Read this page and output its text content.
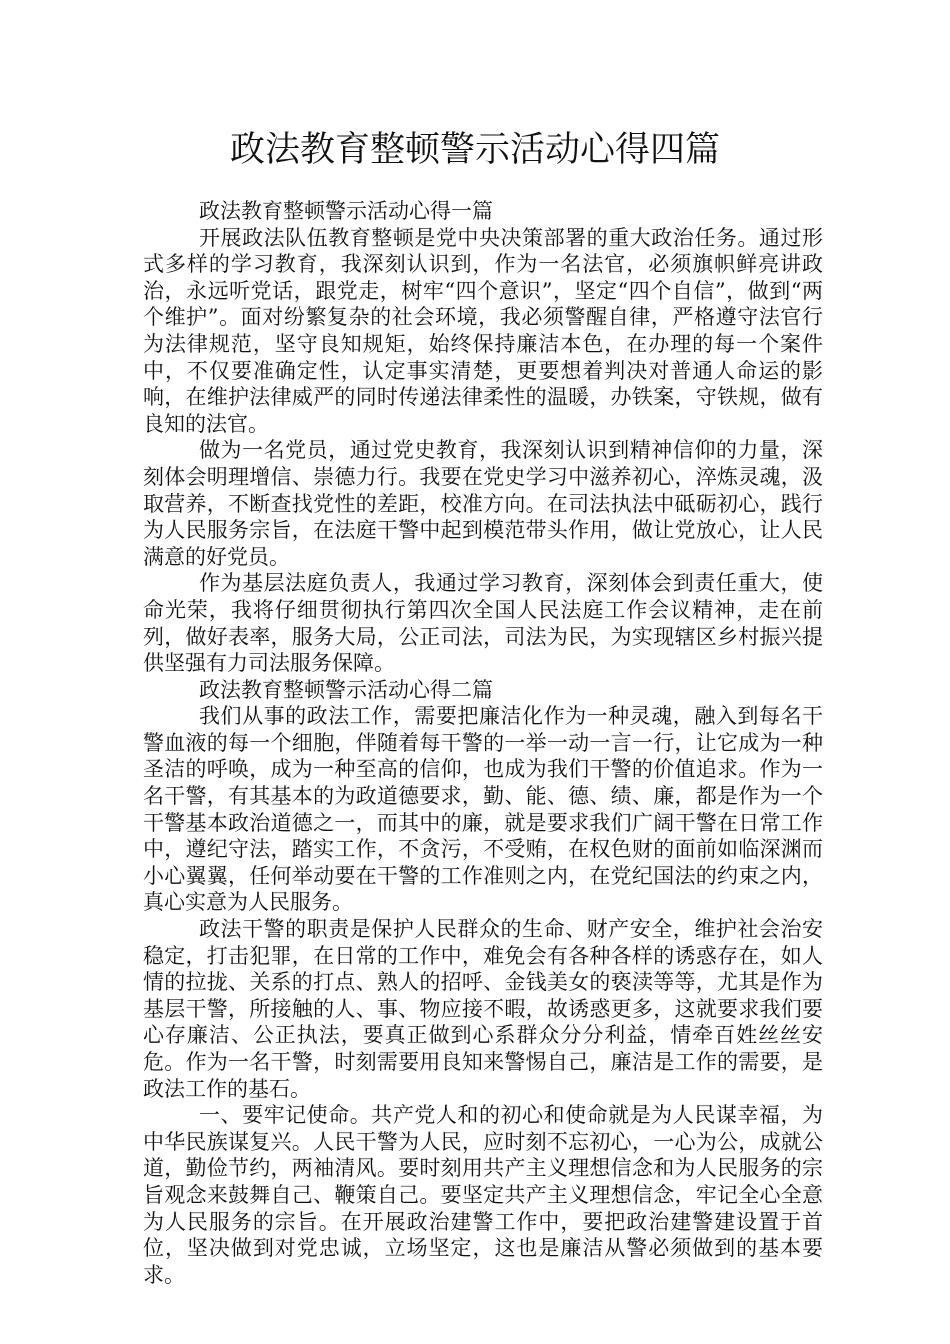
政法教育整顿警示活动心得四篇

政法教育整顿警示活动心得一篇

开展政法队伍教育整顿是党中央决策部署的重大政治任务。通过形式多样的学习教育，我深刻认识到，作为一名法官，必须旗帜鲜亮讲政治，永远听党话，跟党走，树牢“四个意识”，坚定“四个自信”，做到“两个维护”。面对纷繁复杂的社会环境，我必须警醒自律，严格遵守法官行为法律规范，坚守良知规矩，始终保持廉洁本色，在办理的每一个案件中，不仅要准确定性，认定事实清楚，更要想着判决对普通人命运的影响，在维护法律威严的同时传递法律柔性的温暖，办铁案，守铁规，做有良知的法官。

做为一名党员，通过党史教育，我深刻认识到精神信仰的力量，深刻体会明理增信、崇德力行。我要在党史学习中滋养初心，淬炼灵魂，汲取营养，不断查找党性的差距，校准方向。在司法执法中砥砺初心，践行为人民服务宗旨，在法庭干警中起到模范带头作用，做让党放心，让人民满意的好党员。

作为基层法庭负责人，我通过学习教育，深刻体会到责任重大，使命光荣，我将仔细贯彻执行第四次全国人民法庭工作会议精神，走在前列，做好表率，服务大局，公正司法，司法为民，为实现辖区乡村振兴提供坚强有力司法服务保障。

政法教育整顿警示活动心得二篇

我们从事的政法工作，需要把廉洁化作为一种灵魂，融入到每名干警血液的每一个细胞，伴随着每干警的一举一动一言一行，让它成为一种圣洁的呼唤，成为一种至高的信仰，也成为我们干警的价值追求。作为一名干警，有其基本的为政道德要求，勤、能、德、绩、廉，都是作为一个干警基本政治道德之一，而其中的廉，就是要求我们广阔干警在日常工作中，遵纪守法，踏实工作，不贪污，不受贿，在权色财的面前如临深渊而小心翼翼，任何举动要在干警的工作准则之内，在党纪国法的约束之内，真心实意为人民服务。

政法干警的职责是保护人民群众的生命、财产安全，维护社会治安稳定，打击犯罪，在日常的工作中，难免会有各种各样的诱惑存在，如人情的拉拢、关系的打点、熟人的招呼、金钱美女的亵渎等等，尤其是作为基层干警，所接触的人、事、物应接不暇，故诱惑更多，这就要求我们要心存廉洁、公正执法，要真正做到心系群众分分利益，情牵百姓丝丝安危。作为一名干警，时刻需要用良知来警惕自己，廉洁是工作的需要，是政法工作的基石。

一、要牢记使命。共产党人和的初心和使命就是为人民谋幸福，为中华民族谋复兴。人民干警为人民，应时刻不忘初心，一心为公，成就公道，勤俭节约，两袖清风。要时刻用共产主义理想信念和为人民服务的宗旨观念来鼓舞自己、鞭策自己。要坚定共产主义理想信念，牢记全心全意为人民服务的宗旨。在开展政治建警工作中，要把政治建警建设置于首位，坚决做到对党忠诚，立场坚定，这也是廉洁从警必须做到的基本要求。
